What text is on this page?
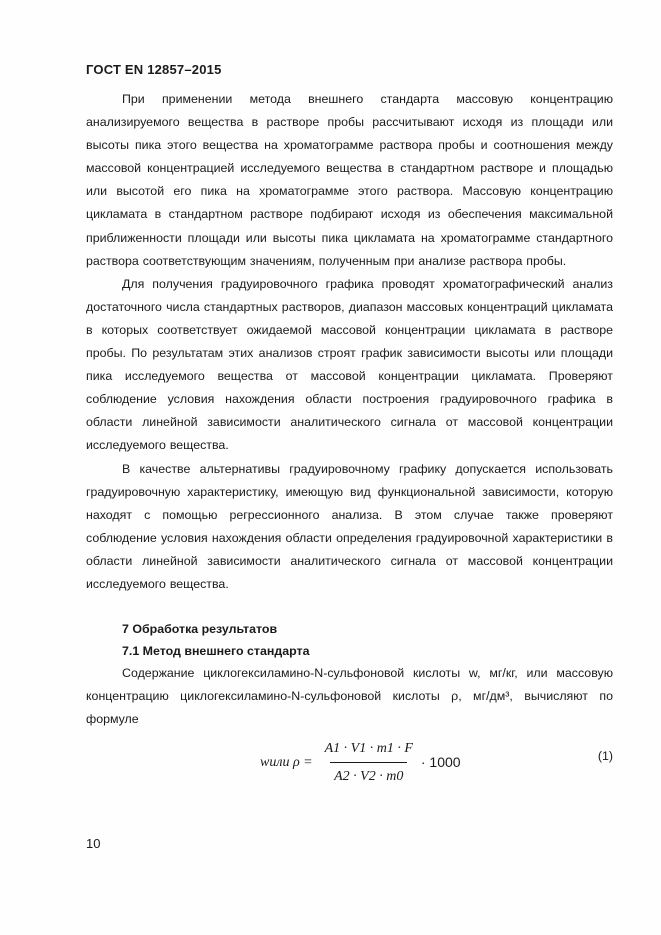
ГОСТ EN 12857–2015

При применении метода внешнего стандарта массовую концентрацию анализируемого вещества в растворе пробы рассчитывают исходя из площади или высоты пика этого вещества на хроматограмме раствора пробы и соотношения между массовой концентрацией исследуемого вещества в стандартном растворе и площадью или высотой его пика на хроматограмме этого раствора. Массовую концентрацию цикламата в стандартном растворе подбирают исходя из обеспечения максимальной приближенности площади или высоты пика цикламата на хроматограмме стандартного раствора соответствующим значениям, полученным при анализе раствора пробы.

Для получения градуировочного графика проводят хроматографический анализ достаточного числа стандартных растворов, диапазон массовых концентраций цикламата в которых соответствует ожидаемой массовой концентрации цикламата в растворе пробы. По результатам этих анализов строят график зависимости высоты или площади пика исследуемого вещества от массовой концентрации цикламата. Проверяют соблюдение условия нахождения области построения градуировочного графика в области линейной зависимости аналитического сигнала от массовой концентрации исследуемого вещества.

В качестве альтернативы градуировочному графику допускается использовать градуировочную характеристику, имеющую вид функциональной зависимости, которую находят с помощью регрессионного анализа. В этом случае также проверяют соблюдение условия нахождения области определения градуировочной характеристики в области линейной зависимости аналитического сигнала от массовой концентрации исследуемого вещества.

7 Обработка результатов

7.1 Метод внешнего стандарта

Содержание циклогексиламино-N-сульфоновой кислоты w, мг/кг, или массовую концентрацию циклогексиламино-N-сульфоновой кислоты ρ, мг/дм³, вычисляют по формуле

wили $\rho = \frac{A1 \cdot V1 \cdot m1 \cdot F}{A2 \cdot V2 \cdot m0} \cdot 1000$	(1)
10
